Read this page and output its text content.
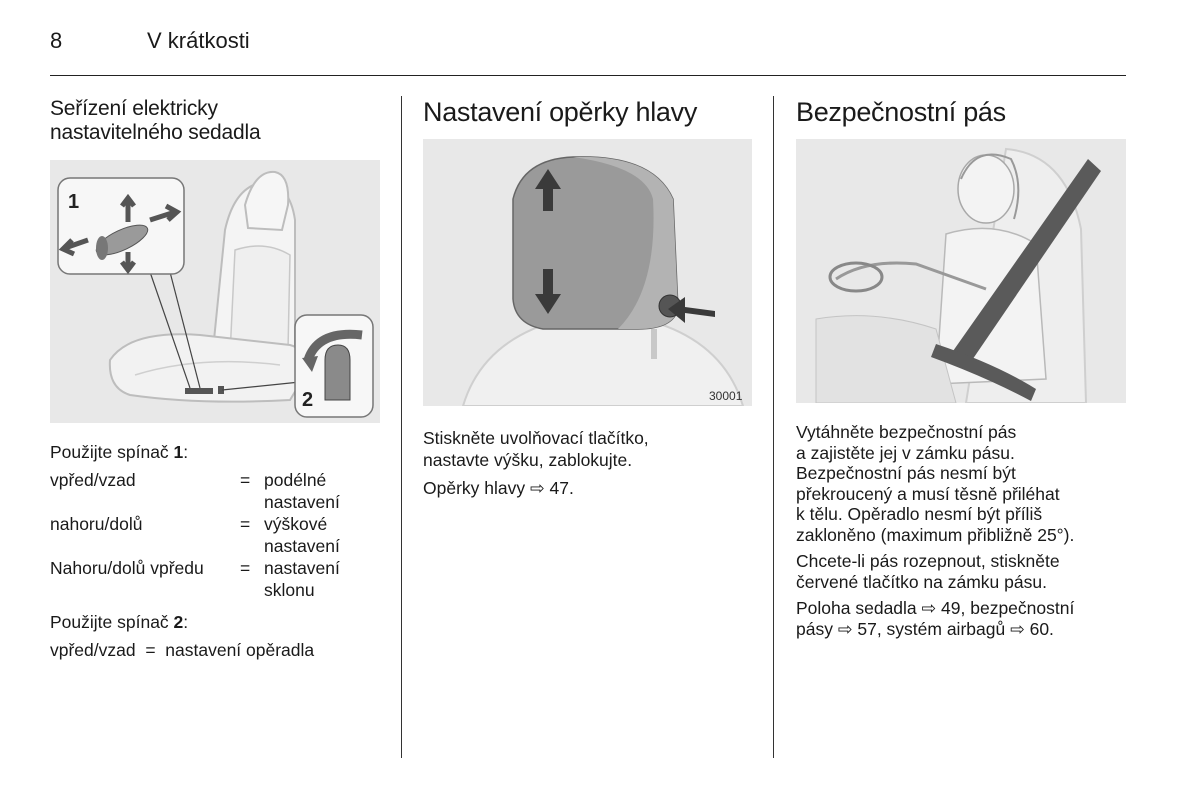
8	V krátkosti
Seřízení elektricky
nastavitelného sedadla
1
2

Použijte spínač 1:

vpřed/vzad	= podélné
nastavení
nahoru/dolů	= výškové
nastavení
Nahoru/dolů vpředu	= nastavení
sklonu

Použijte spínač 2:

vpřed/vzad  =  nastavení opěradla

Nastavení opěrky hlavy
30001

Stiskněte uvolňovací tlačítko,
nastavte výšku, zablokujte.

Opěrky hlavy ⇨ 47.

Bezpečnostní pás

Vytáhněte bezpečnostní pás
a zajistěte jej v zámku pásu.
Bezpečnostní pás nesmí být
překroucený a musí těsně přiléhat
k tělu. Opěradlo nesmí být příliš
zakloněno (maximum přibližně 25°).

Chcete-li pás rozepnout, stiskněte
červené tlačítko na zámku pásu.

Poloha sedadla ⇨ 49, bezpečnostní
pásy ⇨ 57, systém airbagů ⇨ 60.
